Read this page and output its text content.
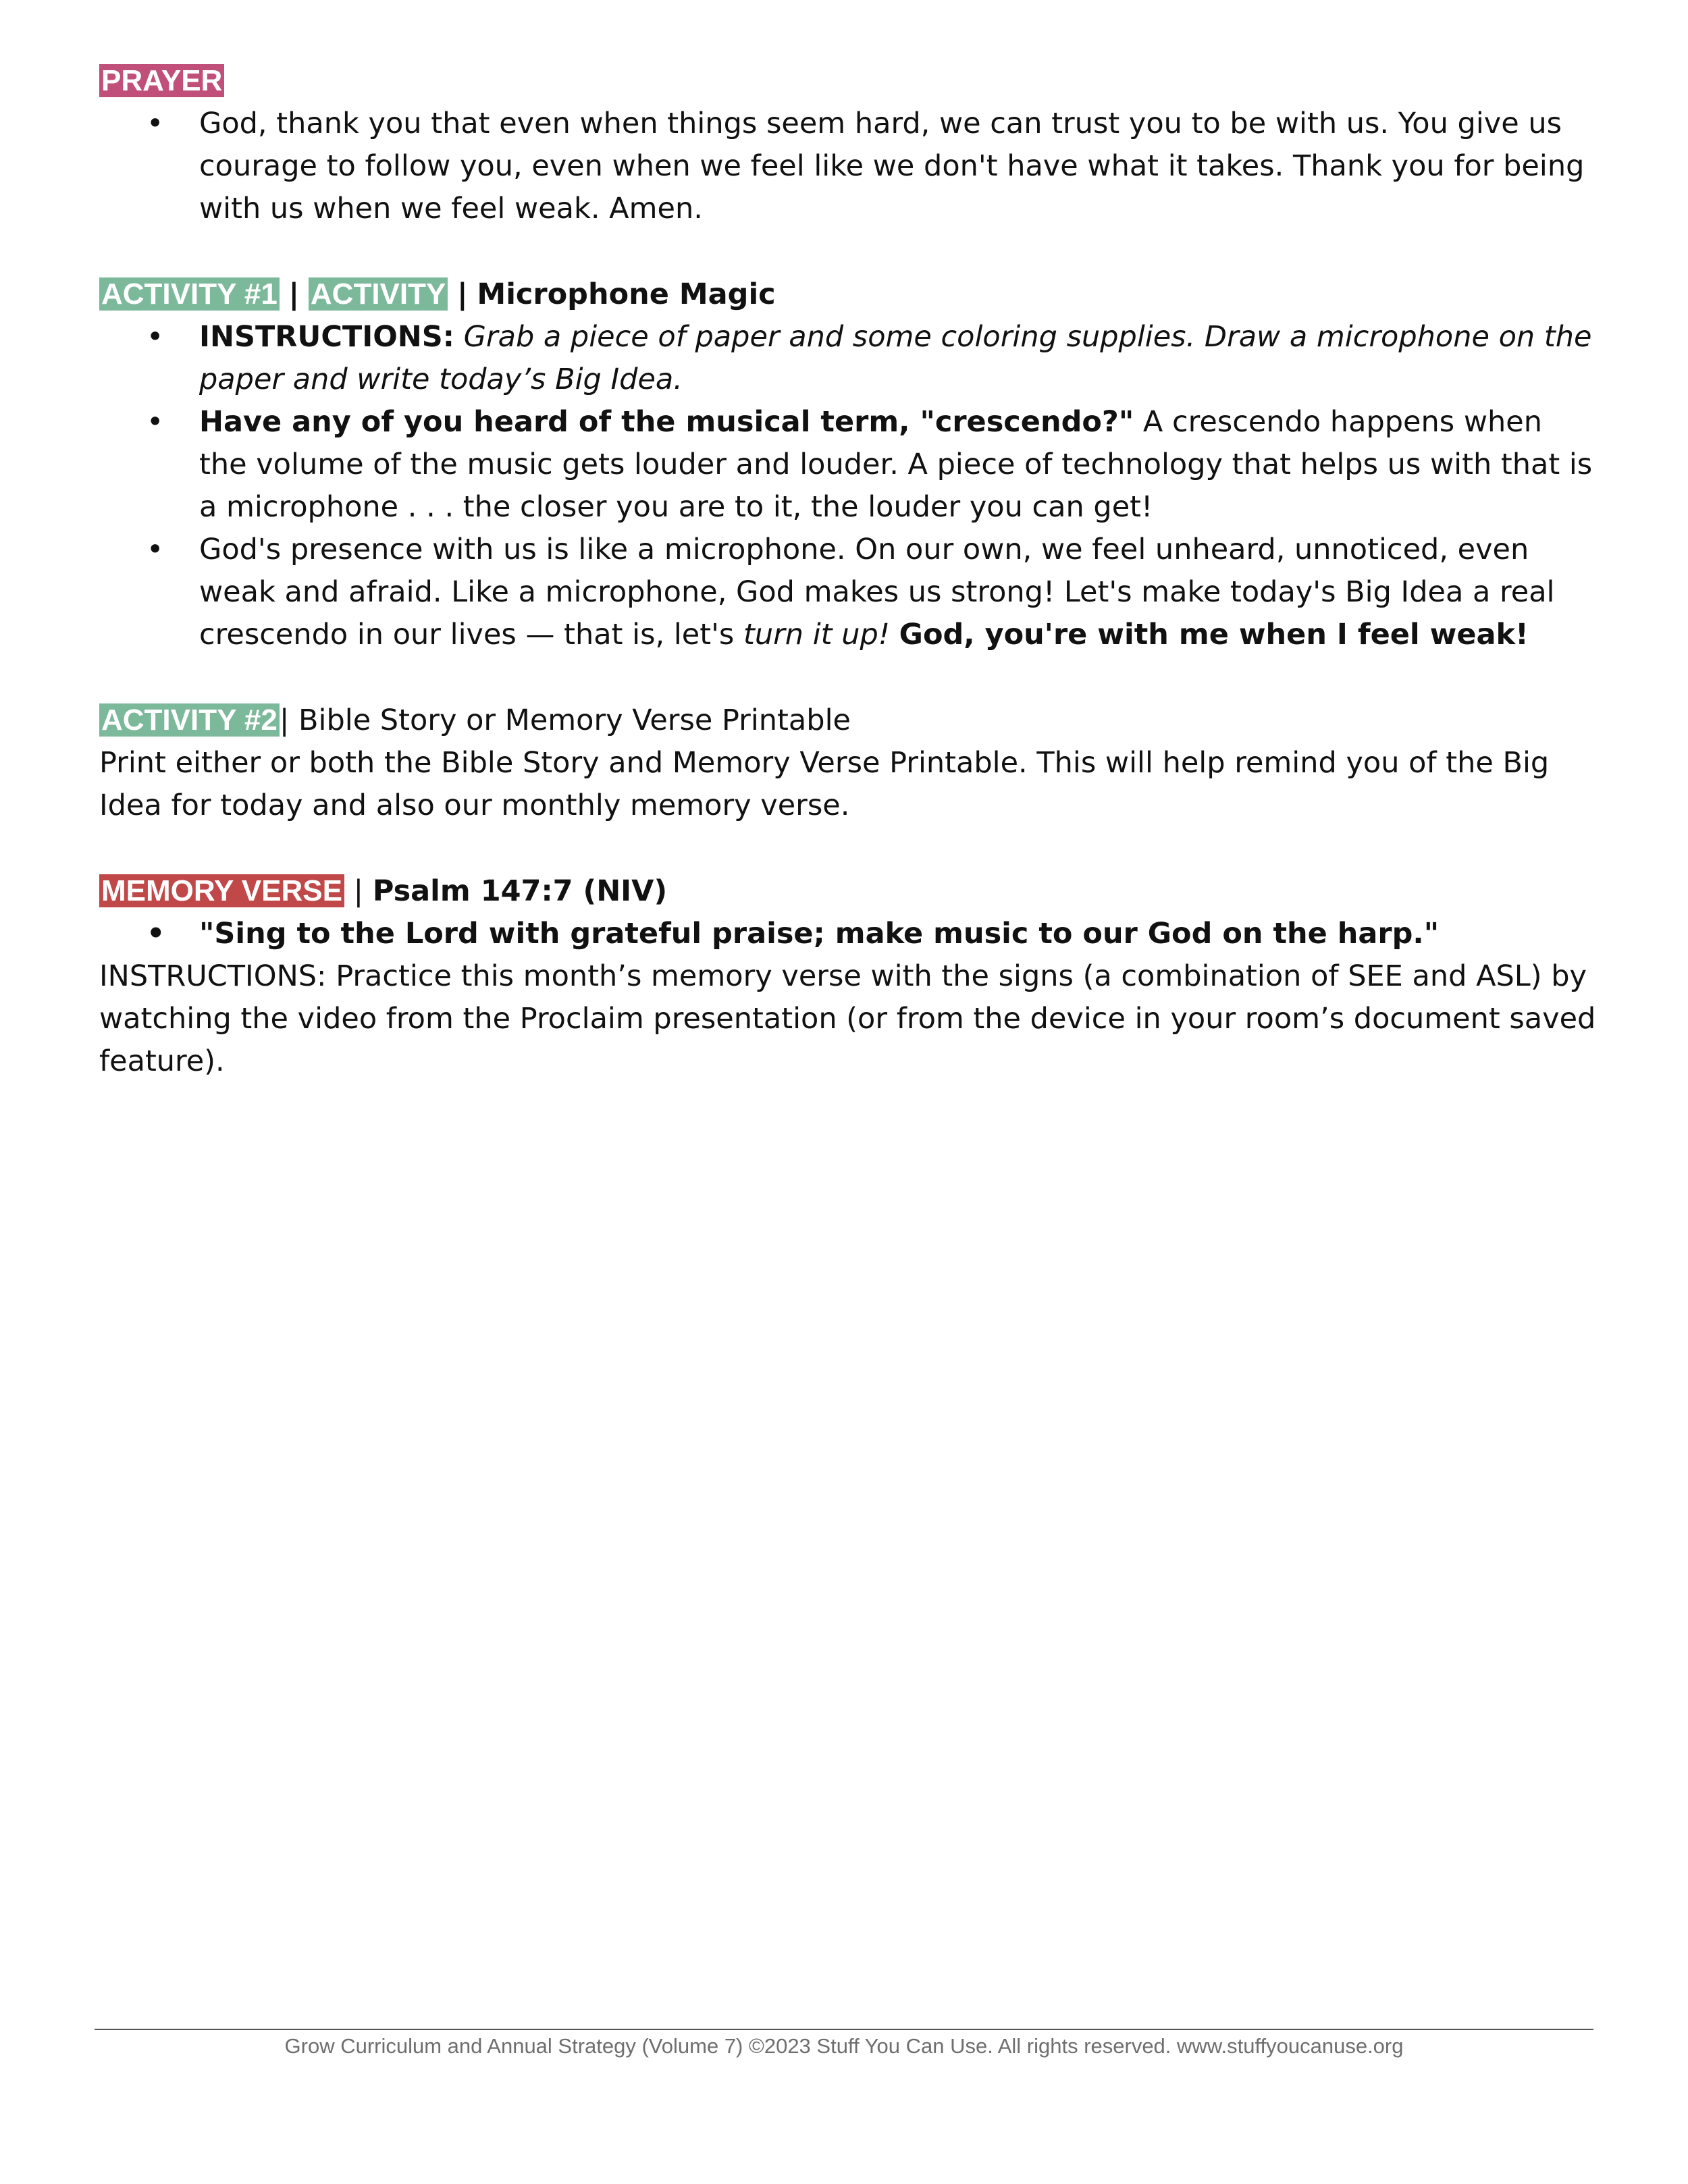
PRAYER

• God, thank you that even when things seem hard, we can trust you to be with us. You give us courage to follow you, even when we feel like we don't have what it takes. Thank you for being with us when we feel weak. Amen.

ACTIVITY #1 | ACTIVITY | Microphone Magic

• INSTRUCTIONS: Grab a piece of paper and some coloring supplies. Draw a microphone on the paper and write today’s Big Idea.
• Have any of you heard of the musical term, "crescendo?" A crescendo happens when the volume of the music gets louder and louder. A piece of technology that helps us with that is a microphone . . . the closer you are to it, the louder you can get!
• God's presence with us is like a microphone. On our own, we feel unheard, unnoticed, even weak and afraid. Like a microphone, God makes us strong! Let's make today's Big Idea a real crescendo in our lives — that is, let's turn it up! God, you're with me when I feel weak!

ACTIVITY #2| Bible Story or Memory Verse Printable

Print either or both the Bible Story and Memory Verse Printable. This will help remind you of the Big Idea for today and also our monthly memory verse.

MEMORY VERSE | Psalm 147:7 (NIV)

• "Sing to the Lord with grateful praise; make music to our God on the harp."

INSTRUCTIONS: Practice this month’s memory verse with the signs (a combination of SEE and ASL) by watching the video from the Proclaim presentation (or from the device in your room’s document saved feature).

Grow Curriculum and Annual Strategy (Volume 7) ©2023 Stuff You Can Use. All rights reserved. www.stuffyoucanuse.org
